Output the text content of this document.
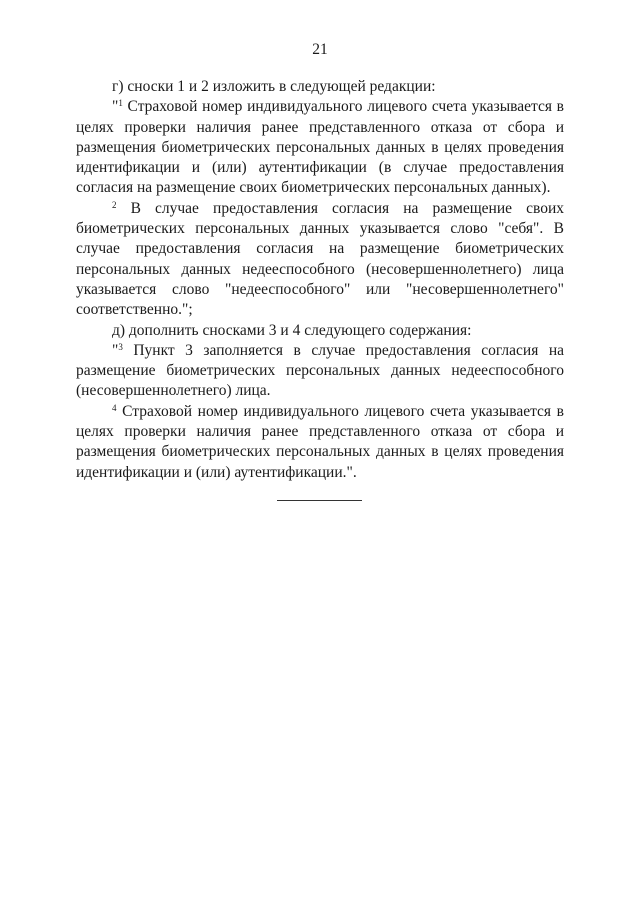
21

г) сноски 1 и 2 изложить в следующей редакции:

"$^1$ Страховой номер индивидуального лицевого счета указывается в целях проверки наличия ранее представленного отказа от сбора и размещения биометрических персональных данных в целях проведения идентификации и (или) аутентификации (в случае предоставления согласия на размещение своих биометрических персональных данных).

$^2$ В случае предоставления согласия на размещение своих биометрических персональных данных указывается слово "себя". В случае предоставления согласия на размещение биометрических персональных данных недееспособного (несовершеннолетнего) лица указывается слово "недееспособного" или "несовершеннолетнего" соответственно.";

д) дополнить сносками 3 и 4 следующего содержания:

"$^3$ Пункт 3 заполняется в случае предоставления согласия на размещение биометрических персональных данных недееспособного (несовершеннолетнего) лица.

$^4$ Страховой номер индивидуального лицевого счета указывается в целях проверки наличия ранее представленного отказа от сбора и размещения биометрических персональных данных в целях проведения идентификации и (или) аутентификации.".
